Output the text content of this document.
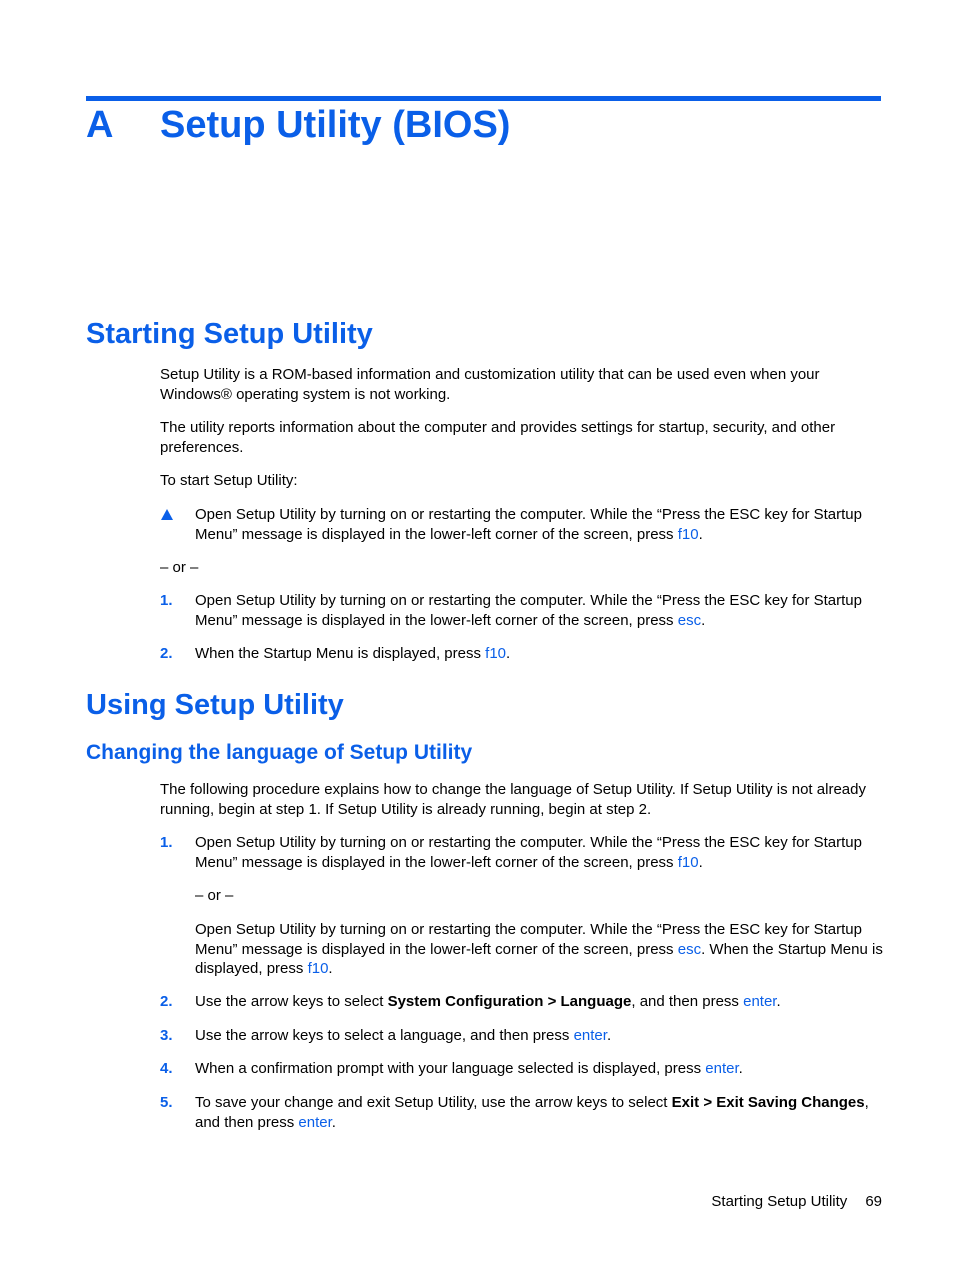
A Setup Utility (BIOS)
Starting Setup Utility
Setup Utility is a ROM-based information and customization utility that can be used even when your Windows® operating system is not working.
The utility reports information about the computer and provides settings for startup, security, and other preferences.
To start Setup Utility:
Open Setup Utility by turning on or restarting the computer. While the “Press the ESC key for Startup Menu” message is displayed in the lower-left corner of the screen, press f10.
– or –
1. Open Setup Utility by turning on or restarting the computer. While the “Press the ESC key for Startup Menu” message is displayed in the lower-left corner of the screen, press esc.
2. When the Startup Menu is displayed, press f10.
Using Setup Utility
Changing the language of Setup Utility
The following procedure explains how to change the language of Setup Utility. If Setup Utility is not already running, begin at step 1. If Setup Utility is already running, begin at step 2.
1. Open Setup Utility by turning on or restarting the computer. While the “Press the ESC key for Startup Menu” message is displayed in the lower-left corner of the screen, press f10.
– or –
Open Setup Utility by turning on or restarting the computer. While the “Press the ESC key for Startup Menu” message is displayed in the lower-left corner of the screen, press esc. When the Startup Menu is displayed, press f10.
2. Use the arrow keys to select System Configuration > Language, and then press enter.
3. Use the arrow keys to select a language, and then press enter.
4. When a confirmation prompt with your language selected is displayed, press enter.
5. To save your change and exit Setup Utility, use the arrow keys to select Exit > Exit Saving Changes, and then press enter.
Starting Setup Utility 69
